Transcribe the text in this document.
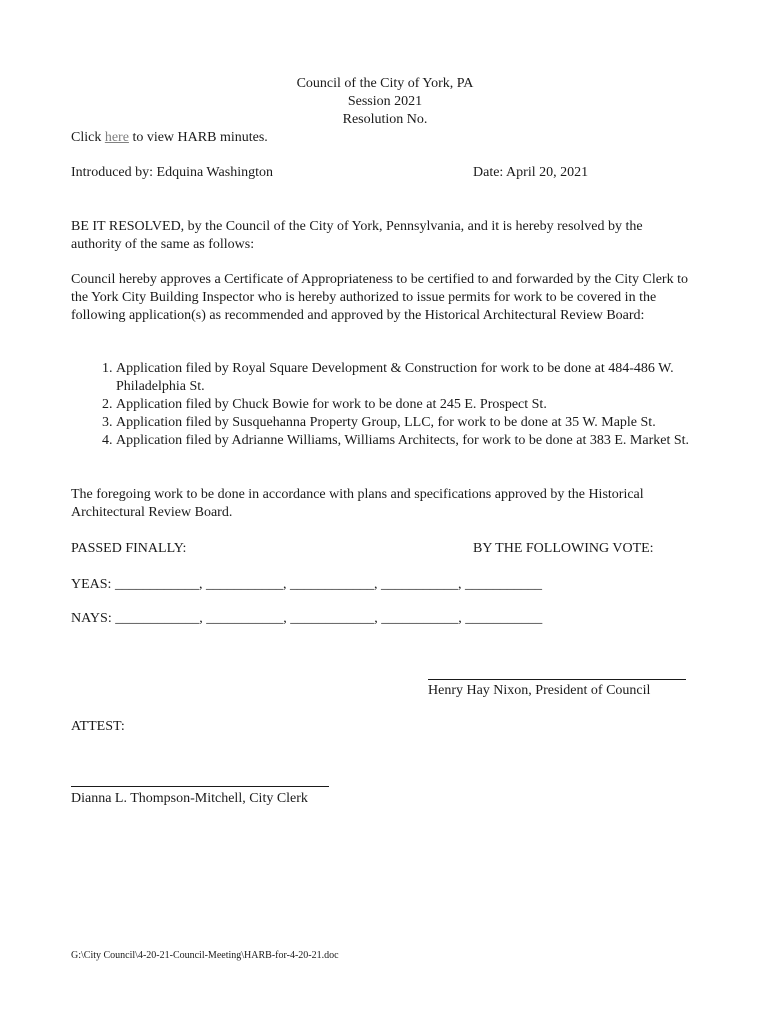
Council of the City of York, PA
Session 2021
Resolution No.
Click here to view HARB minutes.
Introduced by: Edquina Washington	Date: April 20, 2021
BE IT RESOLVED, by the Council of the City of York, Pennsylvania, and it is hereby resolved by the authority of the same as follows:
Council hereby approves a Certificate of Appropriateness to be certified to and forwarded by the City Clerk to the York City Building Inspector who is hereby authorized to issue permits for work to be covered in the following application(s) as recommended and approved by the Historical Architectural Review Board:
1. Application filed by Royal Square Development & Construction for work to be done at 484-486 W. Philadelphia St.
2. Application filed by Chuck Bowie for work to be done at 245 E. Prospect St.
3. Application filed by Susquehanna Property Group, LLC, for work to be done at 35 W. Maple St.
4. Application filed by Adrianne Williams, Williams Architects, for work to be done at 383 E. Market St.
The foregoing work to be done in accordance with plans and specifications approved by the Historical Architectural Review Board.
PASSED FINALLY:	BY THE FOLLOWING VOTE:
YEAS: ____________, ___________, ____________, ___________, ___________
NAYS: ____________, ___________, ____________, ___________, ___________
Henry Hay Nixon, President of Council
ATTEST:
Dianna L. Thompson-Mitchell, City Clerk
G:\City Council\4-20-21-Council-Meeting\HARB-for-4-20-21.doc
